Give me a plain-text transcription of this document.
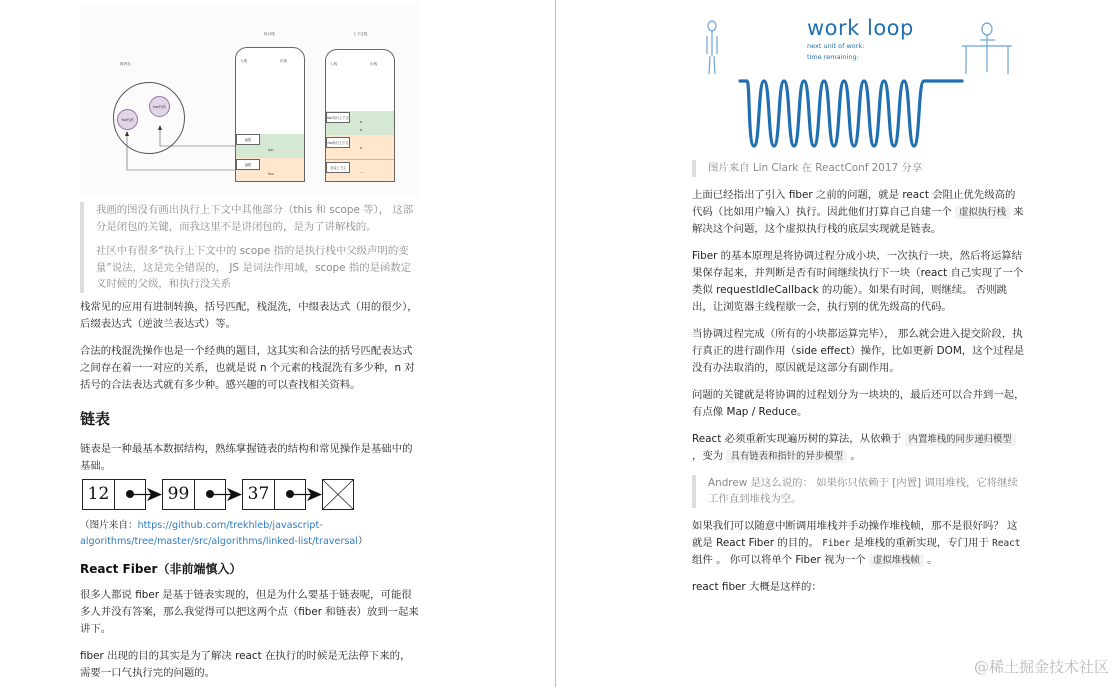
堆内存
foo代码
bar代码
执行栈
函数
bar
函数
foo
入栈	出栈
上下文栈
bar执行上下文
a
b
foo执行上下文
a
全局上下文
...
入栈	出栈

我画的图没有画出执行上下文中其他部分（this 和 scope 等）， 这部分是闭包的关键，而我这里不是讲闭包的，是为了讲解栈的。

社区中有很多“执行上下文中的 scope 指的是执行栈中父级声明的变量”说法，这是完全错误的， JS 是词法作用域，scope 指的是函数定义时候的父级，和执行没关系

栈常见的应用有进制转换，括号匹配，栈混洗，中缀表达式（用的很少），后缀表达式（逆波兰表达式）等。

合法的栈混洗操作也是一个经典的题目，这其实和合法的括号匹配表达式之间存在着一一对应的关系，也就是说 n 个元素的栈混洗有多少种，n 对括号的合法表达式就有多少种。感兴趣的可以查找相关资料。

链表

链表是一种最基本数据结构，熟练掌握链表的结构和常见操作是基础中的基础。

12	99	37

（图片来自：https://github.com/trekhleb/javascript-algorithms/tree/master/src/algorithms/linked-list/traversal）

React Fiber（非前端慎入）

很多人都说 fiber 是基于链表实现的，但是为什么要基于链表呢，可能很多人并没有答案，那么我觉得可以把这两个点（fiber 和链表）放到一起来讲下。

fiber 出现的目的其实是为了解决 react 在执行的时候是无法停下来的，需要一口气执行完的问题的。

work loop
next unit of work:
time remaining:

图片来自 Lin Clark 在 ReactConf 2017 分享

上面已经指出了引入 fiber 之前的问题，就是 react 会阻止优先级高的代码（比如用户输入）执行。因此他们打算自己自建一个 虚拟执行栈 来解决这个问题，这个虚拟执行栈的底层实现就是链表。

Fiber 的基本原理是将协调过程分成小块，一次执行一块，然后将运算结果保存起来，并判断是否有时间继续执行下一块（react 自己实现了一个类似 requestIdleCallback 的功能）。如果有时间，则继续。 否则跳出，让浏览器主线程歇一会，执行别的优先级高的代码。

当协调过程完成（所有的小块都运算完毕）， 那么就会进入提交阶段，执行真正的进行副作用（side effect）操作，比如更新 DOM，这个过程是没有办法取消的，原因就是这部分有副作用。

问题的关键就是将协调的过程划分为一块块的，最后还可以合并到一起，有点像 Map / Reduce。

React 必须重新实现遍历树的算法，从依赖于 内置堆栈的同步递归模型 ，变为 具有链表和指针的异步模型 。

Andrew 是这么说的： 如果你只依赖于 [内置] 调用堆栈，它将继续工作直到堆栈为空。

如果我们可以随意中断调用堆栈并手动操作堆栈帧，那不是很好吗？ 这就是 React Fiber 的目的。 Fiber 是堆栈的重新实现，专门用于 React 组件 。 你可以将单个 Fiber 视为一个 虚拟堆栈帧 。

react fiber 大概是这样的：

@稀土掘金技术社区
